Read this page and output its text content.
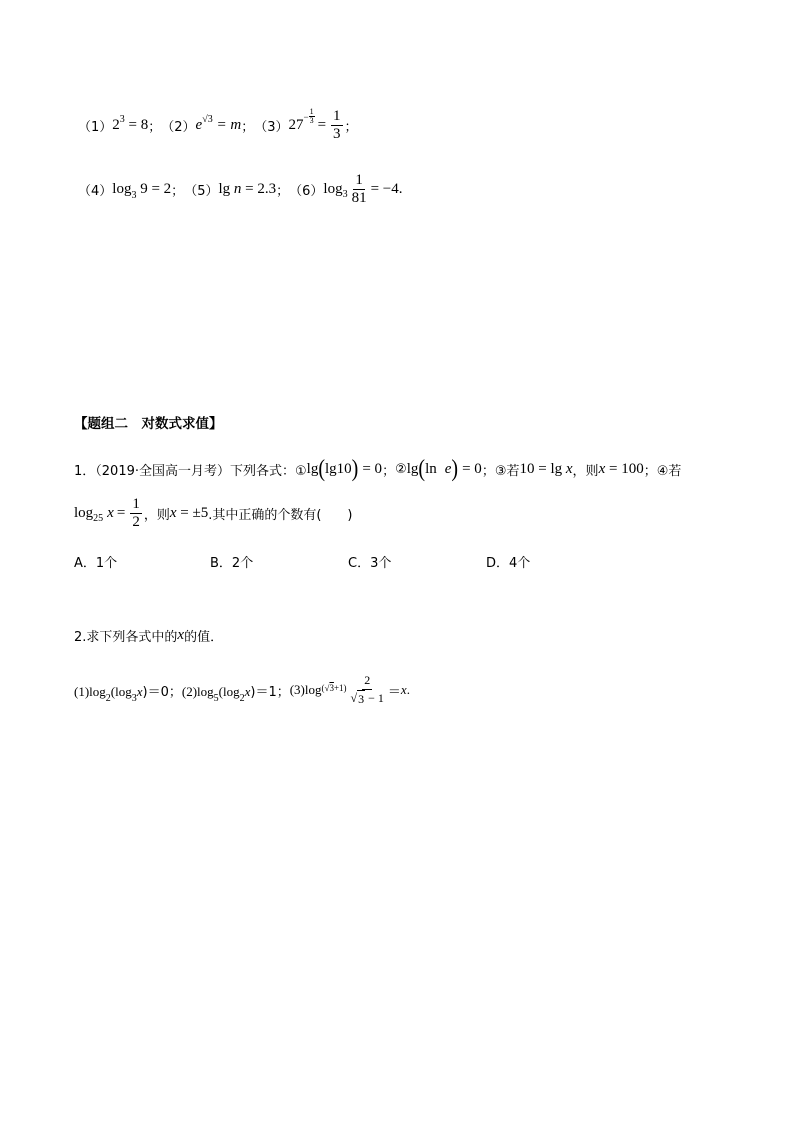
（1） $2^3 = 8$ ； （2） $e^{√3} = m$ ； （3） 27
− $\frac{1}{3} = \frac{1}{3}$ ；
（4） $\log_3 9 = 2$ ； （5） lg n = 2.3 ； （6） $\log 3 \frac{1}{81} = -4$.
【题组二　对数式求值】
1．（2019·全国高一月考）下列各式：① lg ( lg10 ) = 0 ； ② lg ( ln e ) = 0 ； ③若 10 = lg x ，则 x = 100 ； ④若
log 25 $x = \frac{1}{2}$ ，则 x = ±5 .其中正确的个数有(　　)
A．1个	B．2个	C．3个	D．4个
2.求下列各式中的 x 的值．
$(1)\log_2(\log_3x)=0$； $(2)\log_5(\log_2x)=1$； (3)log $(√3+1) \frac{2}{√ 3 - 1} = x$ .
